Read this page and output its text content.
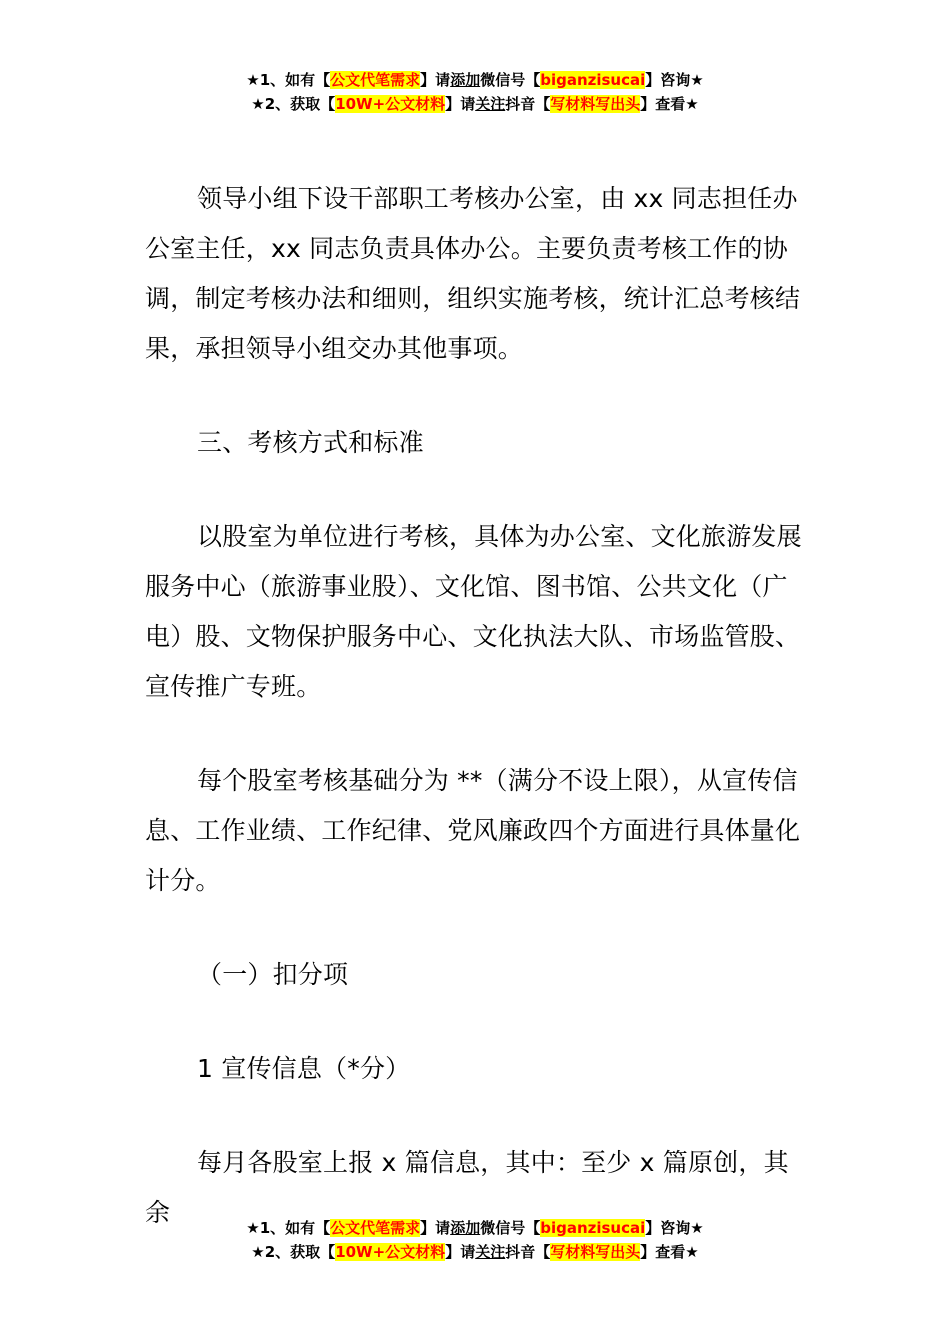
★1、如有【公文代笔需求】请添加微信号【biganzisucai】咨询★
★2、获取【10W+公文材料】请关注抖音【写材料写出头】查看★

领导小组下设干部职工考核办公室，由 xx 同志担任办公室主任，xx 同志负责具体办公。主要负责考核工作的协调，制定考核办法和细则，组织实施考核，统计汇总考核结果，承担领导小组交办其他事项。

三、考核方式和标准

以股室为单位进行考核，具体为办公室、文化旅游发展服务中心（旅游事业股）、文化馆、图书馆、公共文化（广电）股、文物保护服务中心、文化执法大队、市场监管股、宣传推广专班。

每个股室考核基础分为 **（满分不设上限），从宣传信息、工作业绩、工作纪律、党风廉政四个方面进行具体量化计分。

（一）扣分项

1 宣传信息（*分）

每月各股室上报 x 篇信息，其中：至少 x 篇原创，其余

★1、如有【公文代笔需求】请添加微信号【biganzisucai】咨询★
★2、获取【10W+公文材料】请关注抖音【写材料写出头】查看★
